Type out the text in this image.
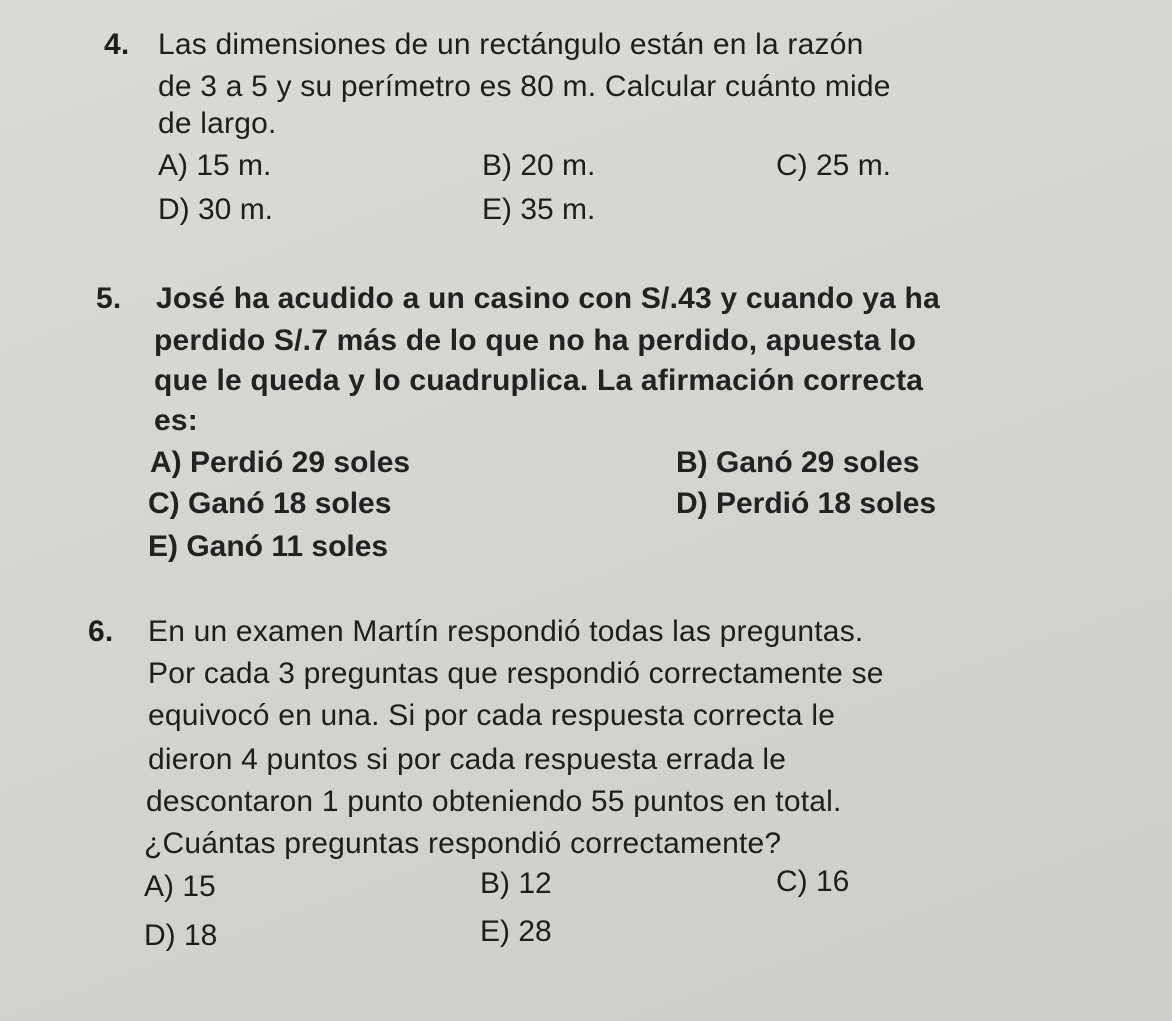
4. Las dimensiones de un rectángulo están en la razón
de 3 a 5 y su perímetro es 80 m. Calcular cuánto mide
de largo.
A) 15 m.	B) 20 m.	C) 25 m.
D) 30 m.	E) 35 m.
5. José ha acudido a un casino con S/.43 y cuando ya ha
perdido S/.7 más de lo que no ha perdido, apuesta lo
que le queda y lo cuadruplica. La afirmación correcta
es:
A) Perdió 29 soles	B) Ganó 29 soles
C) Ganó 18 soles	D) Perdió 18 soles
E) Ganó 11 soles
6. En un examen Martín respondió todas las preguntas.
Por cada 3 preguntas que respondió correctamente se
equivocó en una. Si por cada respuesta correcta le
dieron 4 puntos si por cada respuesta errada le
descontaron 1 punto obteniendo 55 puntos en total.
¿Cuántas preguntas respondió correctamente?
A) 15	B) 12	C) 16
D) 18	E) 28
